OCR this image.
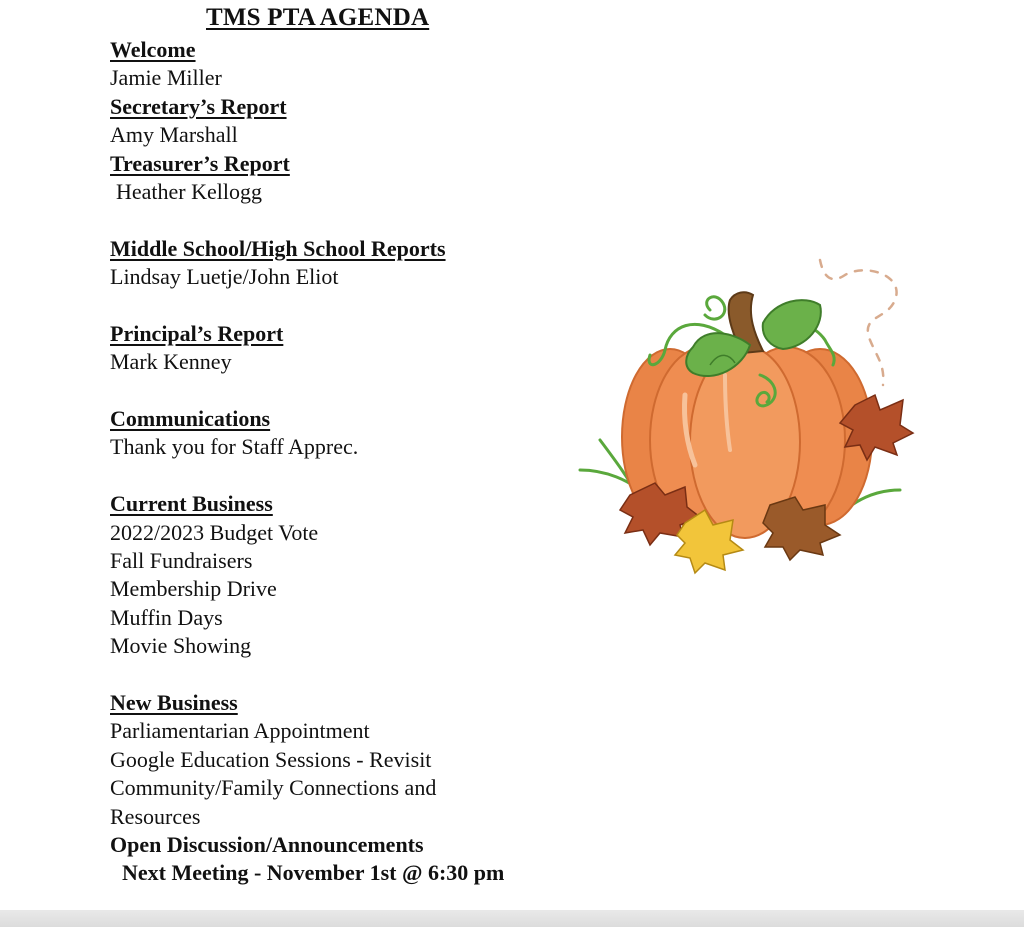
TMS PTA AGENDA
Welcome
Jamie Miller
Secretary’s Report
Amy Marshall
Treasurer’s Report
Heather Kellogg
Middle School/High School Reports
Lindsay Luetje/John Eliot
Principal’s Report
Mark Kenney
Communications
Thank you for Staff Apprec.
Current Business
2022/2023 Budget Vote
Fall Fundraisers
Membership Drive
Muffin Days
Movie Showing
New Business
Parliamentarian Appointment
Google Education Sessions - Revisit
Community/Family Connections and
Resources
Open Discussion/Announcements
Next Meeting - November 1st @ 6:30 pm
